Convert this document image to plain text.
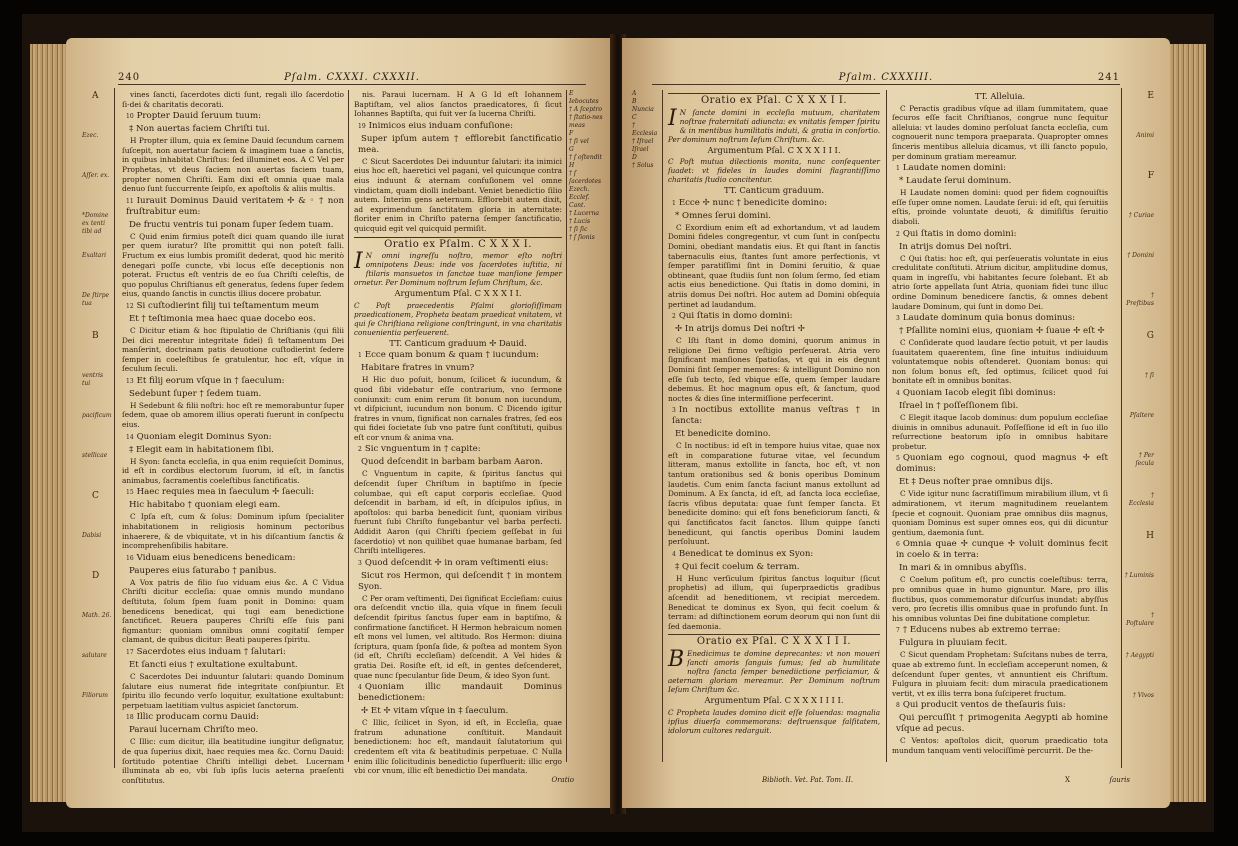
240	Pſalm. CXXXI. CXXXII.
A
Ezec.
Aſſer. ex.
*Domine ex tenti tibi ad
Exaltari
De ſtirpe tua
B
ventris tui
pacificum
stellicae
C
Dabisi
D
Math. 26.
salutare
Filiorum

vines ſancti, ſacerdotes dicti ſunt, regali illo ſacerdotio ſi-dei & charitatis decorati.

10 Propter Dauid ſeruum tuum:

‡ Non auertas faciem Chriſti tui.

H Propter illum, quia ex ſemine Dauid ſecundum carnem ſuſcepit, non auertatur faciem & imaginem tuae a ſanctis, in quibus inhabitat Chriſtus: ſed illuminet eos. A C Vel per Prophetas, vt deus ſaciem non auertas faciem tuam, propter nomen Chriſti. Eam dixi eſt omnia quae mala denuo ſunt ſuccurrente ſeipſo, ex apoſtolis & aliis multis.

11 Iurauit Dominus Dauid veritatem ✢ & ◦ † non fruſtrabitur eum:

De fructu ventris tui ponam ſuper ſedem tuam.

C Quid enim firmius poteſt dici quam quando ille iurat per quem iuratur? Iſte promittit qui non poteſt falli. Fructum ex eius lumbis promiſit dederat, quod hic meritò denegari poſſe cuncte, vbi locus eſſe deceptionis non poterat. Fructus eſt ventris de eo ſua Chriſti celeſtis, de quo populus Chriſtianus eſt generatus, ſedens ſuper ſedem eius, quando ſanctis in cunctis illius docere probatur.

12 Si cuſtodierint filij tui teſtamentum meum

Et † teſtimonia mea haec quae docebo eos.

C Dicitur etiam & hoc ſtipulatio de Chriſtianis (qui filii Dei dici merentur integritate fidei) ſi teſtamentum Dei manſerint, doctrinam patis deuotione cuſtodierint ſedere ſemper in coeleſtibus ſe gratulentur, hoc eſt, vſque in ſeculum ſeculi.

13 Et filij eorum vſque in † ſaeculum:

Sedebunt ſuper † ſedem tuam.

H Sedebunt & filii noſtri: hoc eſt re memorabuntur ſuper ſedem, quae ob amorem illius operati fuerunt in conſpectu eius.

14 Quoniam elegit Dominus Syon:

‡ Elegit eam in habitationem ſibi.

H Syon: ſancta eccleſia, in qua enim requieſcit Dominus, id eſt in cordibus electorum ſuorum, id eſt, in ſanctis animabus, ſacramentis coeleſtibus ſanctificatis.

15 Haec requies mea in ſaeculum ✢ ſaeculi:

Hic habitabo † quoniam elegi eam.

C Ipſa eſt, cum & ſolus: Dominum ipſum ſpecialiter inhabitationem in religiosis hominum pectoribus inhaerere, & de vbiquitate, vt in his diſcantium ſanctis & incomprehenſibilis habitare.

16 Viduam eius benedicens benedicam:

Pauperes eius ſaturabo † panibus.

A Vox patris de filio ſuo viduam eius &c. A C Vidua Chriſti dicitur eccleſia: quae omnis mundo mundano deſtituta, ſolum ſpem ſuam ponit in Domino: quam benedicens benedicat, qui tugi eam benedictione ſanctificet. Reuera pauperes Chriſti eſſe ſuis pani figmantur: quoniam omnibus omni cogitatiſ ſemper clamant, de quibus dicitur: Beati pauperes ſpiritu.

17 Sacerdotes eius induam † ſalutari:

Et ſancti eius † exultatione exultabunt.

C Sacerdotes Dei induuntur ſalutari: quando Dominum ſalutare eius numerat fide integritate conſpiuntur. Et ſpiritu illo fecundo verſo loquitur, exultatione exultabunt: perpetuam laetitiam vultus aspiciet ſanctorum.

18 Illic producam cornu Dauid:

Paraui lucernam Chriſto meo.

C Illic: cum dicitur, illa beatitudine iungitur deſignatur, de qua ſuperius dixit, haec requies mea &c. Cornu Dauid: ſortitudo potentiae Chriſti intelligi debet. Lucernam illuminata ab eo, vbi ſub ipſis lucis aeterna praeſenti conſtitutus.

nis. Paraui lucernam. H A G Id eſt Iohannem Baptiſtam, vel alios ſanctos praedicatores, ſi ſicut Iohannes Baptiſta, qui fuit ver ſa lucerna Chriſti.

19 Inimicos eius induam confuſione:

Super ipſum autem † efflorebit ſanctificatio mea.

C Sicut Sacerdotes Dei induuntur ſalutari: ita inimici eius hoc eſt, haeretici vel pagani, vel quicunque contra eius induunt & aternam confuſionem vel omne vindictam, quam diolli indebant. Veniet benedictio ſilio autem. Interim gens aeternum. Efflorebit autem dixit, ad exprimendum ſanctitatem gloria in aternitate: floriter enim in Chriſto paterna ſemper ſanctificatio, quicquid egit vel quicquid permiſit.

Oratio ex Pſalm. C X X X I.

I N omni ingreſſu noſtro, memor eſto noſtri omnipotens Deus: inde vos ſacerdotes iuſtitia, ni ſtilaris mansuetos in ſanctae tuae manſione ſemper ornetur. Per Dominum noſtrum Ieſum Chriſtum, &c.

Argumentum Pſal. C X X X I I.

C Poſt praecedentis Pſalmi glorioſiſſimam praedicationem, Propheta beatam praedicat vnitatem, vt qui ſe Chriſtiana religione conſtringunt, in vna charitatis conuenientia perſeuerent.

TT. Canticum graduum ✢ Dauid.

1 Ecce quam bonum & quam † iucundum:

Habitare fratres in vnum?

H Hic duo poſuit, bonum, ſcilicet & iucundum, & quod ſibi videbatur eſſe contrarium, vno ſermone coniunxit: cum enim rerum ſit bonum non iucundum, vt diſpiciunt, iucundum non bonum. C Dicendo igitur fratres in vnum, ſignificat non carnales fratres, ſed eos qui fidei ſocietate ſub vno patre ſunt conſtituti, quibus eſt cor vnum & anima vna.

2 Sic vnguentum in † capite:

Quod deſcendit in barbam barbam Aaron.

C Vnguentum in capite, & ſpiritus ſanctus qui deſcendit ſuper Chriſtum in baptiſmo in ſpecie columbae, qui eſt caput corporis eccleſiae. Quod deſcendit in barbam, id eſt, in dſcipulos ipſius, in apoſtolos: qui barba benedicit ſunt, quoniam viribus fuerunt ſubi Chriſto fungebantur vel barba perfecti. Addidit Aaron (qui Chriſti ſpeciem geſſebat in ſui ſacerdotio) vt non quilibet quae humanae barbam, ſed Chriſti intelligeres.

3 Quod deſcendit ✢ in oram veſtimenti eius:

Sicut ros Hermon, qui deſcendit † in montem Syon.

C Per oram veſtimenti, Dei ſignificat Eccleſiam: cuius ora deſcendit vnctio illa, quia vſque in finem ſeculi deſcendit ſpiritus ſanctus ſuper eam in baptiſmo, & confirmatione ſanctificet. H Hermon hebraicum nomen eſt mons vel lumen, vel altitudo. Ros Hermon: diuina ſcriptura, quam ſponſa ſide, & poſtea ad montem Syon (id eſt, Chriſti eccleſiam) deſcendit. A Vel hides & gratia Dei. Rosiſte eſt, id eſt, in gentes deſcenderet, quae nunc ſpeculantur ſide Deum, & ideo Syon ſunt.

4 Quoniam illic mandauit Dominus benedictionem:

✢ Et ✢ vitam vſque in ‡ ſaeculum.

C Illic, ſcilicet in Syon, id eſt, in Eccleſia, quae fratrum adunatione conſtituit. Mandauit benedictionem: hoc eſt, mandauit ſalutatorium qui credentem eſt vita & beatitudinis perpetuae. C Nulla enim illic ſolicitudinis benedictio ſuperfluerit: illic ergo vbi cor vnum, illic eſt benedictio Dei mandata.

E
Iebocutes
† A ſceptro
† ſtatio-nes meas
F
† ſi vel
G
† ſ oſtendit
H
† ſ ſacerdotes
Ezech.
Ecclef.
Cant.
† Lucerna
† Lucis
† ſi ſic
† ſ ſionis
Oratio
Pſalm. CXXXIII.	241
A
B
Nuncia
C
† Ecclesia
† Iſrael
Iſrael
D
† Solus

Oratio ex Pſal. C X X X I I.

I N ſancte domini in eccleſia mutuum, charitatem noſtrae fraternitati adiuncta: ex vnitatis ſemper ſpiritu & in mentibus humilitatis induti, & gratia in conſortio. Per dominum noſtrum Ieſum Chriſtum. &c.

Argumentum Pſal. C X X X I I I.

C Poſt mutua dilectionis monita, nunc conſequenter ſuadet: vt fideles in laudes domini flagrantiſſimo charitatis ſtudio concitentur.

TT. Canticum graduum.

1 Ecce ✢ nunc † benedicite domino:

* Omnes ſerui domini.

C Exordium enim eſt ad exhortandum, vt ad laudem Domini fideles congregentur, vt cum ſunt in conſpectu Domini, obediant mandatis eius. Et qui ſtant in ſanctis tabernaculis eius, ſtantes ſunt amore perfectionis, vt ſemper paratiſſimi ſint in Domini ſeruitio, & quae obtineant, quae ſtudiis ſunt non ſolum ſermo, ſed etiam actis eius benedictione. Qui ſtatis in domo domini, in atriis domus Dei noſtri. Hoc autem ad Domini obſequia pertinet ad laudandum.

2 Qui ſtatis in domo domini:

✢ In atrijs domus Dei noſtri ✢

C Iſti ſtant in domo domini, quorum animus in religione Dei firmo veſtigio perſeuerat. Atria vero ſignificant manſiones ſpatioſas, vt qui in eis degunt Domini ſint ſemper memores: & intelligunt Domino non eſſe ſub tecto, ſed vbique eſſe, quem ſemper laudare debemus. Et hoc magnum opus eſt, & ſanctum, quod noctes & dies ſine intermiſſione perfecerint.

3 In noctibus extollite manus veſtras † in ſancta:

Et benedicite domino.

C In noctibus: id eſt in tempore huius vitae, quae nox eſt in comparatione futurae vitae, vel ſecundum litteram, manus extollite in ſancta, hoc eſt, vt non tantum orationibus sed & bonis operibus Dominum laudetis. Cum enim ſancta faciunt manus extollunt ad Dominum. A Ex ſancta, id eſt, ad ſancta loca eccleſiae, ſacris vſibus deputata: quae ſunt ſemper ſancta. Et benedicite domino: qui eſt fons beneficiorum ſancti, & qui ſanctificatos facit ſanctos. Illum quippe ſancti benedicunt, qui ſanctis operibus Domini laudem perſoluunt.

4 Benedicat te dominus ex Syon:

‡ Qui fecit coelum & terram.

H Hunc verſiculum ſpiritus ſanctus loquitur (ſicut prophetis) ad illum, qui ſuperpraedictis gradibus aſcendit ad beneditionem, vt recipiat mercedem. Benedicat te dominus ex Syon, qui fecit coelum & terram: ad diſtinctionem eorum deorum qui non ſunt dii ſed daemonia.

Oratio ex Pſal. C X X X I I I.

B Enedicimus te domine deprecantes: vt non moueri ſancti amoris ſanguis ſumus; ſed ab humilitate noſtra ſancta ſemper benediictione perficiamur, & aeternam gloriam mereamur. Per Dominum noſtrum Ieſum Chriſtum &c.

Argumentum Pſal. C X X X I I I I.

C Propheta laudes domino dicit eſſe ſoluendas: magnalia ipſius diuerſa commemorans: deſtruensque falſitatem, idolorum cultores redarguit.

TT. Alleluia.

C Peractis gradibus vſque ad illam ſummitatem, quae ſecuros eſſe facit Chriſtianos, congrue nunc ſequitur alleluia: vt laudes domino perſoluat ſancta eccleſia, cum cognouerit nunc tempora praeparata. Quapropter omnes ſinceris mentibus alleluia dicamus, vt illi ſancto populo, per dominum gratiam mereamur.

1 Laudate nomen domini:

* Laudate ſerui dominum.

H Laudate nomen domini: quod per fidem cognouiſtis eſſe ſuper omne nomen. Laudate ſerui: id eſt, qui ſeruitiis eſtis, proinde voluntate deuoti, & dimiſiſtis ſeruitio diaboli.

2 Qui ſtatis in domo domini:

In atrijs domus Dei noſtri.

C Qui ſtatis: hoc eſt, qui perſeueratis voluntate in eius credulitate conſtituti. Atrium dicitur, amplitudine domus, quam in ingreſſu, vbi habitantes ſecure ſolebant. Et ab atrio ſorte appellata ſunt Atria, quoniam fidei tunc illuc ordine Dominum benedicere ſanctis, & omnes debent laudare Dominum, qui ſunt in domo Dei.

3 Laudate dominum quia bonus dominus:

† Pſallite nomini eius, quoniam ✢ ſuaue ✢ eſt ✢

C Conſiderate quod laudare ſectio potuit, vt per laudis ſuauitatem quaerentem, ſine ſine intuitus indiuiduum voluntatemque nobis oſtenderet. Quoniam bonus: qui non ſolum bonus eſt, ſed optimus, ſcilicet quod ſui bonitate eſt in omnibus bonitas.

4 Quoniam Iacob elegit ſibi dominus:

Iſrael in † poſſeſſionem ſibi.

C Elegit itaque Iacob dominus: dum populum eccleſiae diuinis in omnibus adunauit. Poſſeſſione id eſt in ſuo illo reſurrectione beatorum ipſo in omnibus habitare probetur.

5 Quoniam ego cognoui, quod magnus ✢ eſt dominus:

Et ‡ Deus noſter prae omnibus dijs.

C Vide igitur nunc ſacratiſſimum mirabilium illum, vt ſi admirationem, vt iterum magnitudinem reuelantem ſpecie et cognouit. Quoniam prae omnibus diis magnus, quoniam Dominus est super omnes eos, qui dii dicuntur gentium, daemonia ſunt.

6 Omnia quae ✢ cunque ✢ voluit dominus fecit in coelo & in terra:

In mari & in omnibus abyſſis.

C Coelum poſitum eſt, pro cunctis coeleſtibus: terra, pro omnibus quae in humo gignuntur. Mare, pro illis fluctibus, quos commemoratur diſcurſus inundat: abyſſus vero, pro ſecretis illis omnibus quae in profundo ſunt. In his omnibus voluntas Dei fine dubitatione completur.

7 † Educens nubes ab extremo terrae:

Fulgura in pluuiam fecit.

C Sicut quendam Prophetam: Suſcitans nubes de terra, quae ab extremo ſunt. In eccleſiam acceperunt nomen, & deſcendunt ſuper gentes, vt annuntient eis Chriſtum. Fulgura in pluuiam fecit: dum miracula praedicationem vertit, vt ex illis terra bona ſuſciperet fructum.

8 Qui producit ventos de theſauris ſuis:

Qui percuſſit † primogenita Aegypti ab homine vſque ad pecus.

C Ventos: apoſtolos dicit, quorum praedicatio tota mundum tanquam venti velociſſimè percurrit. De the-

E
Animi
F
† Curiae
† Domini
† Preſtibus
G
† ſi
Pſaltere
† Per ſecula
† Ecclesia
H
† Luminis
† Poſtulare
† Aegypti
† Vivos
Biblioth. Vet. Pat. Tom. II.	X	ſauris
